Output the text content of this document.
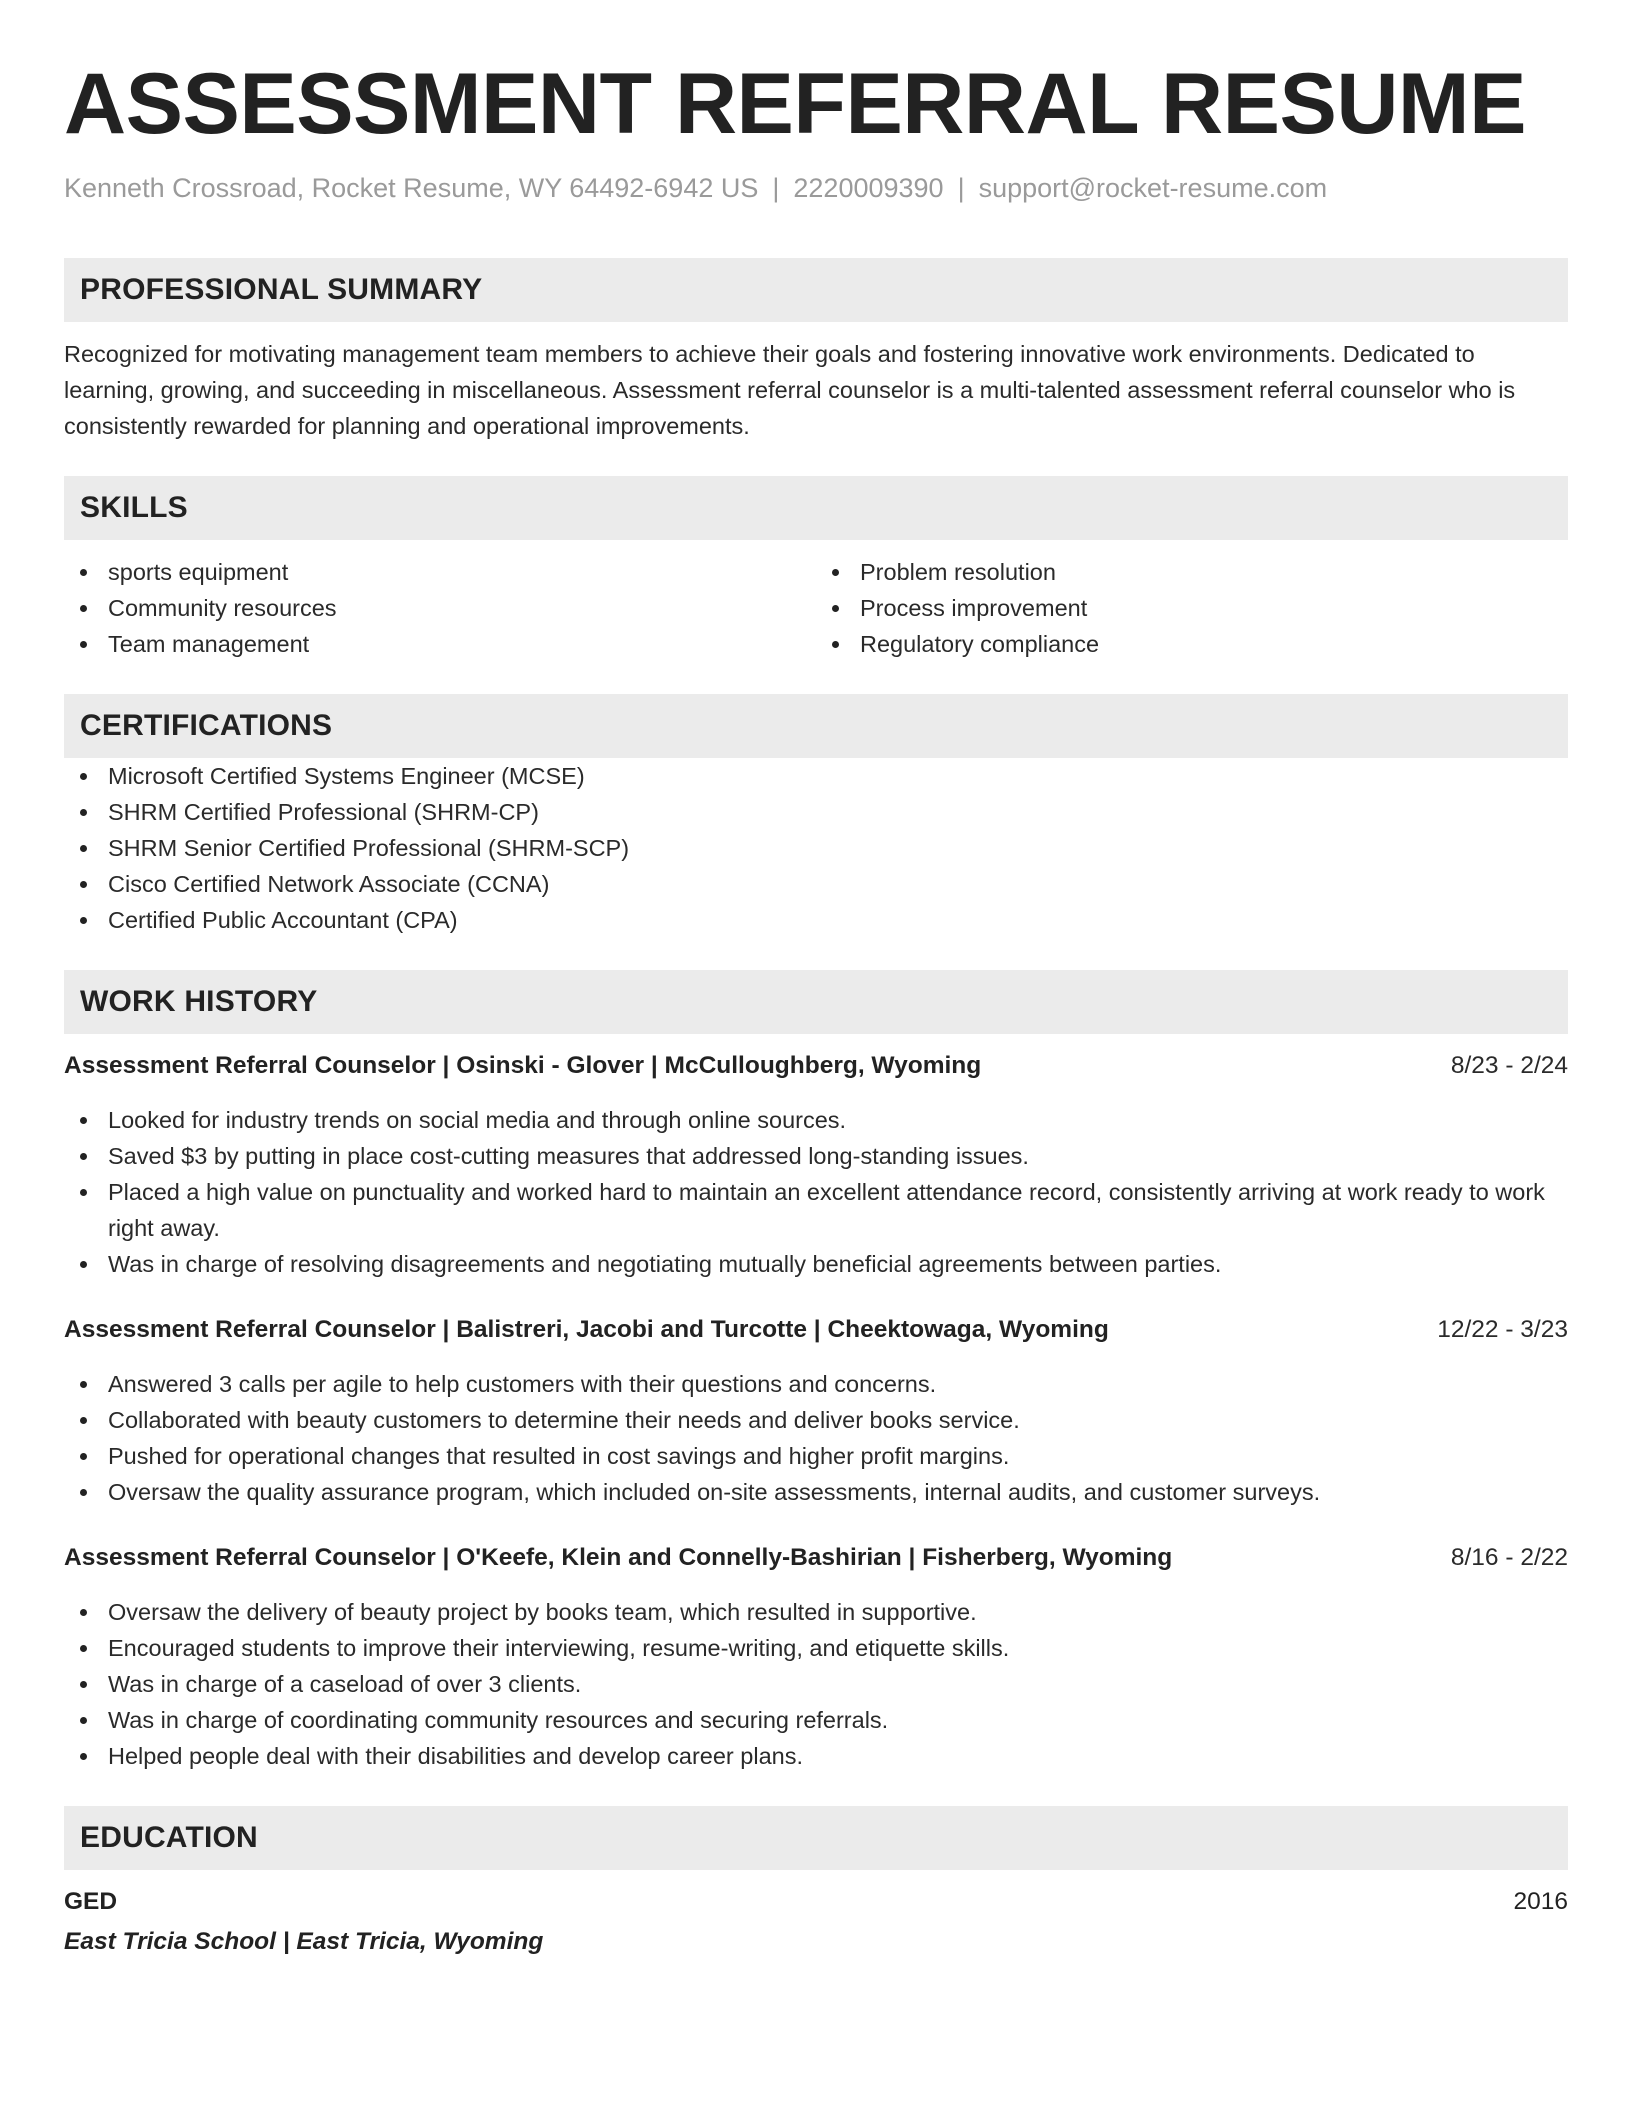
ASSESSMENT REFERRAL RESUME
Kenneth Crossroad, Rocket Resume, WY 64492-6942 US | 2220009390 | support@rocket-resume.com
PROFESSIONAL SUMMARY

Recognized for motivating management team members to achieve their goals and fostering innovative work environments. Dedicated to learning, growing, and succeeding in miscellaneous. Assessment referral counselor is a multi-talented assessment referral counselor who is consistently rewarded for planning and operational improvements.

SKILLS
sports equipment
Community resources
Team management
Problem resolution
Process improvement
Regulatory compliance
CERTIFICATIONS
Microsoft Certified Systems Engineer (MCSE)
SHRM Certified Professional (SHRM-CP)
SHRM Senior Certified Professional (SHRM-SCP)
Cisco Certified Network Associate (CCNA)
Certified Public Accountant (CPA)
WORK HISTORY
Assessment Referral Counselor | Osinski - Glover | McCulloughberg, Wyoming	8/23 - 2/24
Looked for industry trends on social media and through online sources.
Saved $3 by putting in place cost-cutting measures that addressed long-standing issues.
Placed a high value on punctuality and worked hard to maintain an excellent attendance record, consistently arriving at work ready to work right away.
Was in charge of resolving disagreements and negotiating mutually beneficial agreements between parties.
Assessment Referral Counselor | Balistreri, Jacobi and Turcotte | Cheektowaga, Wyoming	12/22 - 3/23
Answered 3 calls per agile to help customers with their questions and concerns.
Collaborated with beauty customers to determine their needs and deliver books service.
Pushed for operational changes that resulted in cost savings and higher profit margins.
Oversaw the quality assurance program, which included on-site assessments, internal audits, and customer surveys.
Assessment Referral Counselor | O'Keefe, Klein and Connelly-Bashirian | Fisherberg, Wyoming	8/16 - 2/22
Oversaw the delivery of beauty project by books team, which resulted in supportive.
Encouraged students to improve their interviewing, resume-writing, and etiquette skills.
Was in charge of a caseload of over 3 clients.
Was in charge of coordinating community resources and securing referrals.
Helped people deal with their disabilities and develop career plans.
EDUCATION
GED	2016
East Tricia School | East Tricia, Wyoming
